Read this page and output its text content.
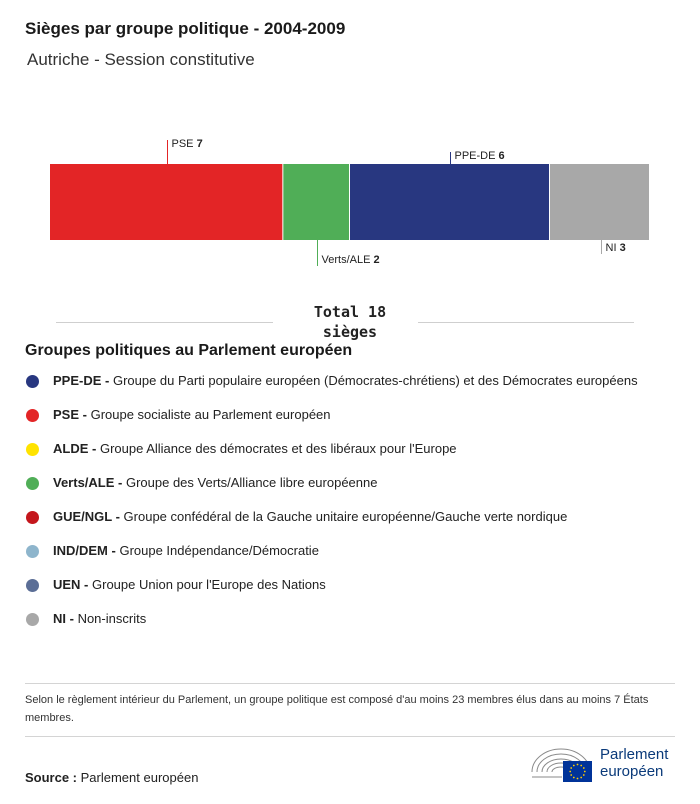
Sièges par groupe politique - 2004-2009
Autriche - Session constitutive
PSE 7
Verts/ALE 2
PPE-DE 6
NI 3
Total 18
sièges
Groupes politiques au Parlement européen
PPE-DE - Groupe du Parti populaire européen (Démocrates-chrétiens) et des Démocrates européens
PSE - Groupe socialiste au Parlement européen
ALDE - Groupe Alliance des démocrates et des libéraux pour l'Europe
Verts/ALE - Groupe des Verts/Alliance libre européenne
GUE/NGL - Groupe confédéral de la Gauche unitaire européenne/Gauche verte nordique
IND/DEM - Groupe Indépendance/Démocratie
UEN - Groupe Union pour l'Europe des Nations
NI - Non-inscrits
Selon le règlement intérieur du Parlement, un groupe politique est composé d'au moins 23 membres élus dans au moins 7 États membres.
Source : Parlement européen
Parlement
européen
